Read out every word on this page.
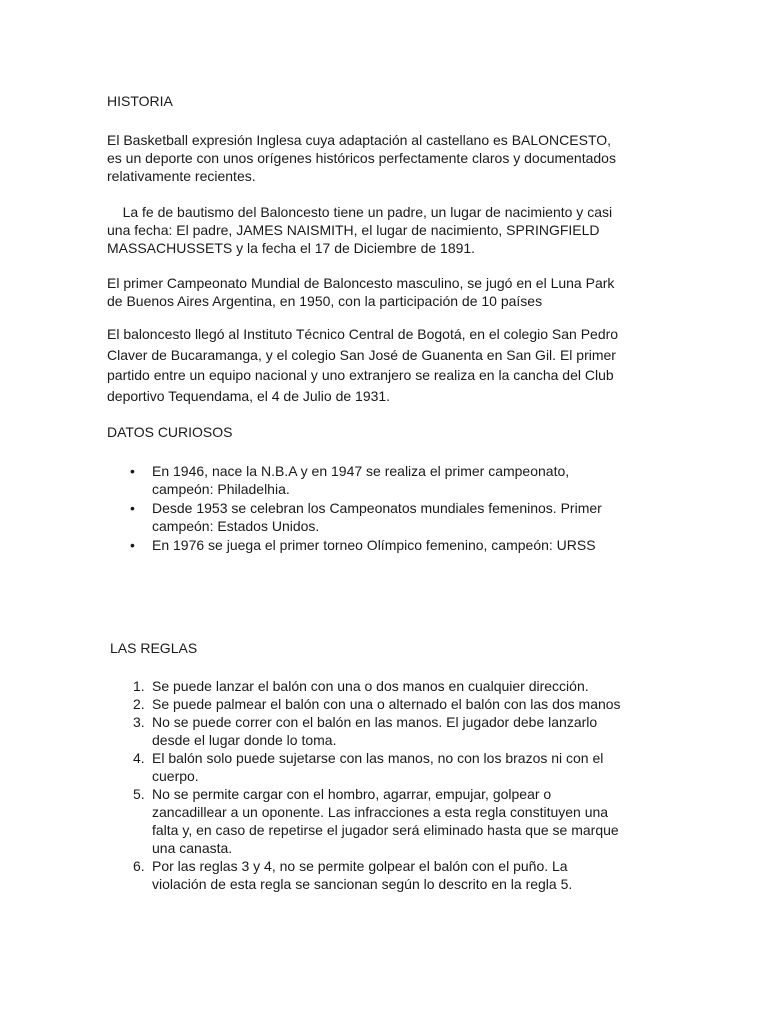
HISTORIA

El Basketball expresión Inglesa cuya adaptación al castellano es BALONCESTO,
es un deporte con unos orígenes históricos perfectamente claros y documentados
relativamente recientes.

La fe de bautismo del Baloncesto tiene un padre, un lugar de nacimiento y casi
una fecha: El padre, JAMES NAISMITH, el lugar de nacimiento, SPRINGFIELD
MASSACHUSSETS y la fecha el 17 de Diciembre de 1891.

El primer Campeonato Mundial de Baloncesto masculino, se jugó en el Luna Park
de Buenos Aires Argentina, en 1950, con la participación de 10 países

El baloncesto llegó al Instituto Técnico Central de Bogotá, en el colegio San Pedro
Claver de Bucaramanga, y el colegio San José de Guanenta en San Gil. El primer
partido entre un equipo nacional y uno extranjero se realiza en la cancha del Club
deportivo Tequendama, el 4 de Julio de 1931.

DATOS CURIOSOS
• En 1946, nace la N.B.A y en 1947 se realiza el primer campeonato,
campeón: Philadelhia.
• Desde 1953 se celebran los Campeonatos mundiales femeninos. Primer
campeón: Estados Unidos.
• En 1976 se juega el primer torneo Olímpico femenino, campeón: URSS
LAS REGLAS
1. Se puede lanzar el balón con una o dos manos en cualquier dirección.
2. Se puede palmear el balón con una o alternado el balón con las dos manos
3. No se puede correr con el balón en las manos. El jugador debe lanzarlo
desde el lugar donde lo toma.
4. El balón solo puede sujetarse con las manos, no con los brazos ni con el
cuerpo.
5. No se permite cargar con el hombro, agarrar, empujar, golpear o
zancadillear a un oponente. Las infracciones a esta regla constituyen una
falta y, en caso de repetirse el jugador será eliminado hasta que se marque
una canasta.
6. Por las reglas 3 y 4, no se permite golpear el balón con el puño. La
violación de esta regla se sancionan según lo descrito en la regla 5.
